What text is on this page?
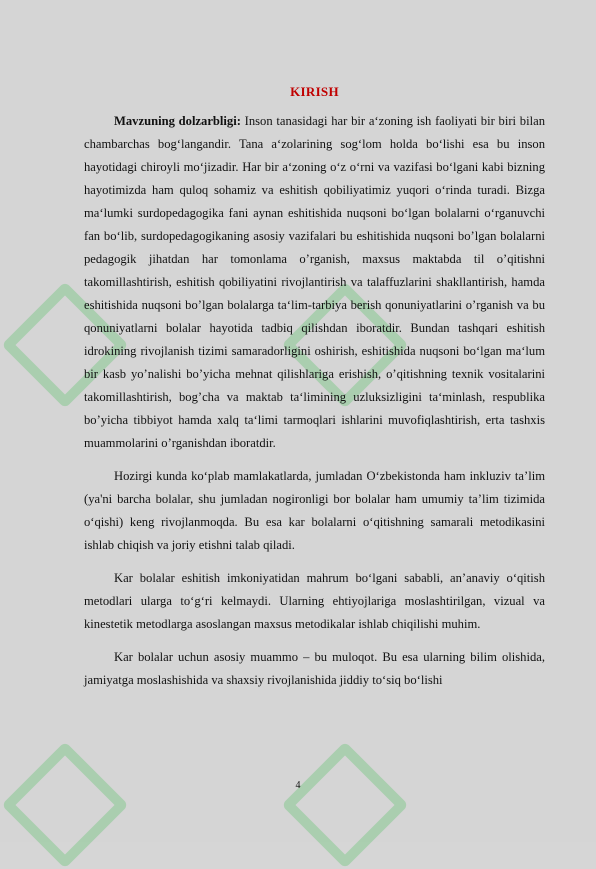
KIRISH

Mavzuning dolzarbligi: Inson tanasidagi har bir a‘zoning ish faoliyati bir biri bilan chambarchas bog‘langandir. Tana a‘zolarining sog‘lom holda bo‘lishi esa bu inson hayotidagi chiroyli mo‘jizadir. Har bir a‘zoning o‘z o‘rni va vazifasi bo‘lgani kabi bizning hayotimizda ham quloq sohamiz va eshitish qobiliyatimiz yuqori o‘rinda turadi. Bizga ma‘lumki surdopedagogika fani aynan eshitishida nuqsoni bo‘lgan bolalarni o‘rganuvchi fan bo‘lib, surdopedagogikaning asosiy vazifalari bu eshitishida nuqsoni bo’lgan bolalarni pedagogik jihatdan har tomonlama o’rganish, maxsus maktabda til o’qitishni takomillashtirish, eshitish qobiliyatini rivojlantirish va talaffuzlarini shakllantirish, hamda eshitishida nuqsoni bo’lgan bolalarga ta‘lim-tarbiya berish qonuniyatlarini o’rganish va bu qonuniyatlarni bolalar hayotida tadbiq qilishdan iboratdir. Bundan tashqari eshitish idrokining rivojlanish tizimi samaradorligini oshirish, eshitishida nuqsoni bo‘lgan ma‘lum bir kasb yo’nalishi bo’yicha mehnat qilishlariga erishish, o’qitishning texnik vositalarini takomillashtirish, bog’cha va maktab ta‘limining uzluksizligini ta‘minlash, respublika bo’yicha tibbiyot hamda xalq ta‘limi tarmoqlari ishlarini muvofiqlashtirish, erta tashxis muammolarini o’rganishdan iboratdir.

Hozirgi kunda ko‘plab mamlakatlarda, jumladan O‘zbekistonda ham inkluziv ta’lim (ya'ni barcha bolalar, shu jumladan nogironligi bor bolalar ham umumiy ta’lim tizimida o‘qishi) keng rivojlanmoqda. Bu esa kar bolalarni o‘qitishning samarali metodikasini ishlab chiqish va joriy etishni talab qiladi.

Kar bolalar eshitish imkoniyatidan mahrum bo‘lgani sababli, an’anaviy o‘qitish metodlari ularga to‘g‘ri kelmaydi. Ularning ehtiyojlariga moslashtirilgan, vizual va kinestetik metodlarga asoslangan maxsus metodikalar ishlab chiqilishi muhim.

Kar bolalar uchun asosiy muammo – bu muloqot. Bu esa ularning bilim olishida, jamiyatga moslashishida va shaxsiy rivojlanishida jiddiy to‘siq bo‘lishi

4
